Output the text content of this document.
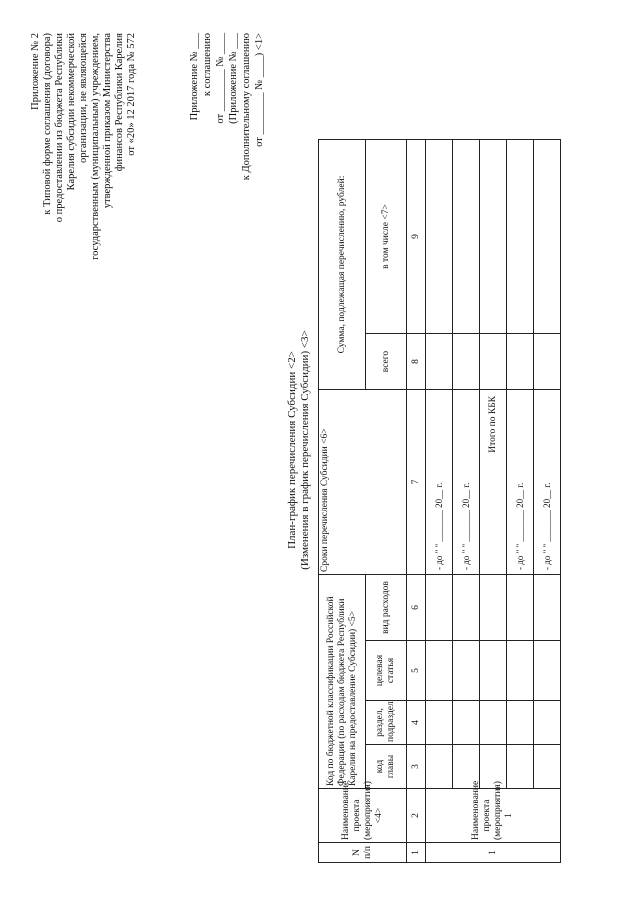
Приложение № 2 к Типовой форме соглашения (договора) о предоставлении из бюджета Республики Карелия субсидии некоммерческой организации, не являющейся государственным (муниципальным) учреждением, утвержденной приказом Министерства финансов Республики Карелия от «20» 12 2017 года № 572	Приложение № ___ к соглашению от ________ № ____ (Приложение № ___ к Дополнительному соглашению от ________ № ____) <1>
План-график перечисления Субсидии <2> (Изменения в график перечисления Субсидии) <3>
N п/п	Наименование проекта (мероприятия) <4>	Код по бюджетной классификации Российской Федерации (по расходам бюджета Республики Карелия на предоставление Субсидии) <5>				Сроки перечисления Субсидии <6>	Сумма, подлежащая перечислению, рублей:	
		код главы	раздел, подраздел	целевая статья	вид расходов		всего	в том числе <7>
1	2	3	4	5	6	7	8	9
1	Наименование проекта (мероприятия) 1					- до " " _______ 20__ г.		
						- до " " _______ 20__ г.		
						Итого по КБК		
						- до " " _______ 20__ г.		
						- до " " _______ 20__ г.		
